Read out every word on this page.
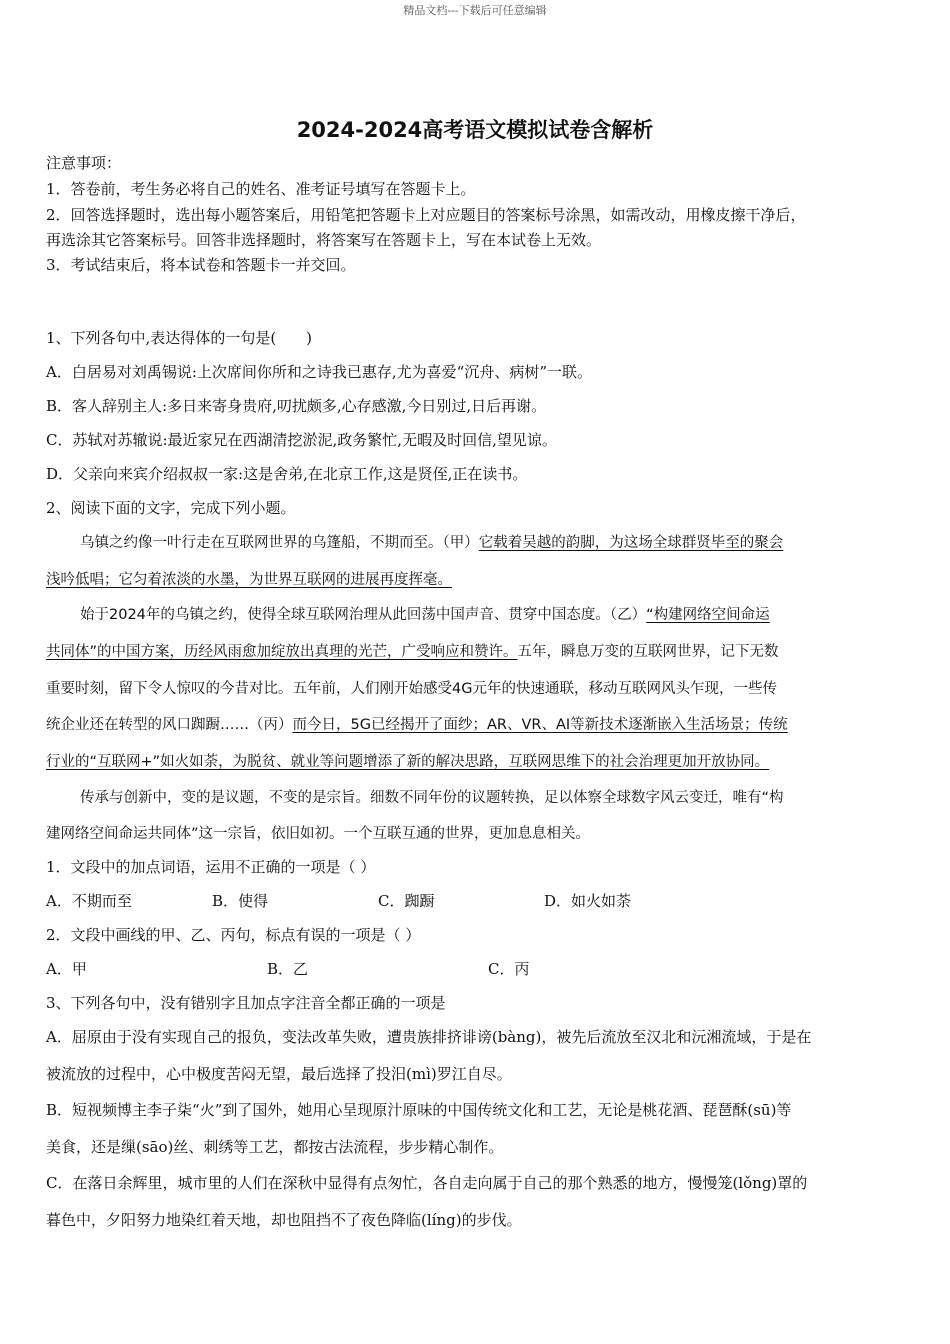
精品文档---下载后可任意编辑
2024-2024高考语文模拟试卷含解析
注意事项：
1．答卷前，考生务必将自己的姓名、准考证号填写在答题卡上。
2．回答选择题时，选出每小题答案后，用铅笔把答题卡上对应题目的答案标号涂黑，如需改动，用橡皮擦干净后，
再选涂其它答案标号。回答非选择题时，将答案写在答题卡上，写在本试卷上无效。
3．考试结束后，将本试卷和答题卡一并交回。
1、下列各句中,表达得体的一句是(　　)
A．白居易对刘禹锡说:上次席间你所和之诗我已惠存,尤为喜爱“沉舟、病树”一联。
B．客人辞别主人:多日来寄身贵府,叨扰颇多,心存感激,今日别过,日后再谢。
C．苏轼对苏辙说:最近家兄在西湖清挖淤泥,政务繁忙,无暇及时回信,望见谅。
D．父亲向来宾介绍叔叔一家:这是舍弟,在北京工作,这是贤侄,正在读书。
2、阅读下面的文字，完成下列小题。
乌镇之约像一叶行走在互联网世界的乌篷船，不期而至。（甲）它载着吴越的韵脚，为这场全球群贤毕至的聚会
浅吟低唱；它匀着浓淡的水墨，为世界互联网的进展再度挥毫。
始于2024年的乌镇之约，使得全球互联网治理从此回荡中国声音、贯穿中国态度。（乙）“构建网络空间命运
共同体”的中国方案，历经风雨愈加绽放出真理的光芒，广受响应和赞许。五年，瞬息万变的互联网世界，记下无数
重要时刻，留下令人惊叹的今昔对比。五年前，人们刚开始感受4G元年的快速通联，移动互联网风头乍现，一些传
统企业还在转型的风口踟蹰……（丙）而今日，5G已经揭开了面纱；AR、VR、AI等新技术逐渐嵌入生活场景；传统
行业的“互联网+”如火如荼，为脱贫、就业等问题增添了新的解决思路，互联网思维下的社会治理更加开放协同。
传承与创新中，变的是议题，不变的是宗旨。细数不同年份的议题转换，足以体察全球数字风云变迁，唯有“构
建网络空间命运共同体”这一宗旨，依旧如初。一个互联互通的世界，更加息息相关。
1．文段中的加点词语，运用不正确的一项是（ ）
A．不期而至	B．使得	C．踟蹰	D．如火如荼
2．文段中画线的甲、乙、丙句，标点有误的一项是（ ）
A．甲	B．乙	C．丙
3、下列各句中，没有错别字且加点字注音全都正确的一项是
A．屈原由于没有实现自己的报负，变法改革失败，遭贵族排挤诽谤(bàng)，被先后流放至汉北和沅湘流域，于是在
被流放的过程中，心中极度苦闷无望，最后选择了投汨(mì)罗江自尽。
B．短视频博主李子柒“火”到了国外，她用心呈现原汁原味的中国传统文化和工艺，无论是桃花酒、琵琶酥(sū)等
美食，还是缫(sāo)丝、刺绣等工艺，都按古法流程，步步精心制作。
C．在落日余辉里，城市里的人们在深秋中显得有点匆忙，各自走向属于自己的那个熟悉的地方，慢慢笼(lǒng)罩的
暮色中，夕阳努力地染红着天地，却也阻挡不了夜色降临(líng)的步伐。
